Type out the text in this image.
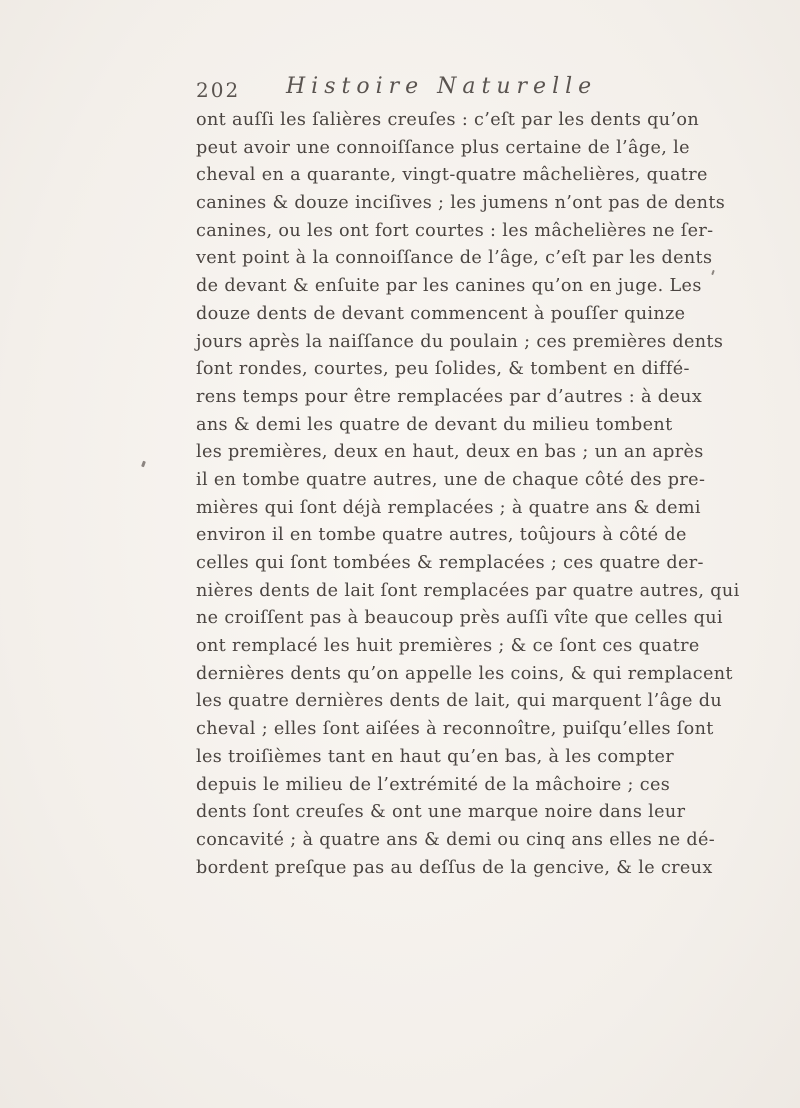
202 Histoire Naturelle
ont auſſi les ſalières creuſes : c’eſt par les dents qu’on
peut avoir une connoiſſance plus certaine de l’âge, le
cheval en a quarante, vingt-quatre mâchelières, quatre
canines & douze inciſives ; les jumens n’ont pas de dents
canines, ou les ont fort courtes : les mâchelières ne ſer-
vent point à la connoiſſance de l’âge, c’eſt par les dents
de devant & enſuite par les canines qu’on en juge. Les
douze dents de devant commencent à pouſſer quinze
jours après la naiſſance du poulain ; ces premières dents
ſont rondes, courtes, peu ſolides, & tombent en diffé-
rens temps pour être remplacées par d’autres : à deux
ans & demi les quatre de devant du milieu tombent
les premières, deux en haut, deux en bas ; un an après
il en tombe quatre autres, une de chaque côté des pre-
mières qui ſont déjà remplacées ; à quatre ans & demi
environ il en tombe quatre autres, toûjours à côté de
celles qui ſont tombées & remplacées ; ces quatre der-
nières dents de lait ſont remplacées par quatre autres, qui
ne croiſſent pas à beaucoup près auſſi vîte que celles qui
ont remplacé les huit premières ; & ce ſont ces quatre
dernières dents qu’on appelle les coins, & qui remplacent
les quatre dernières dents de lait, qui marquent l’âge du
cheval ; elles ſont aiſées à reconnoître, puiſqu’elles ſont
les troiſièmes tant en haut qu’en bas, à les compter
depuis le milieu de l’extrémité de la mâchoire ; ces
dents ſont creuſes & ont une marque noire dans leur
concavité ; à quatre ans & demi ou cinq ans elles ne dé-
bordent preſque pas au deſſus de la gencive, & le creux
